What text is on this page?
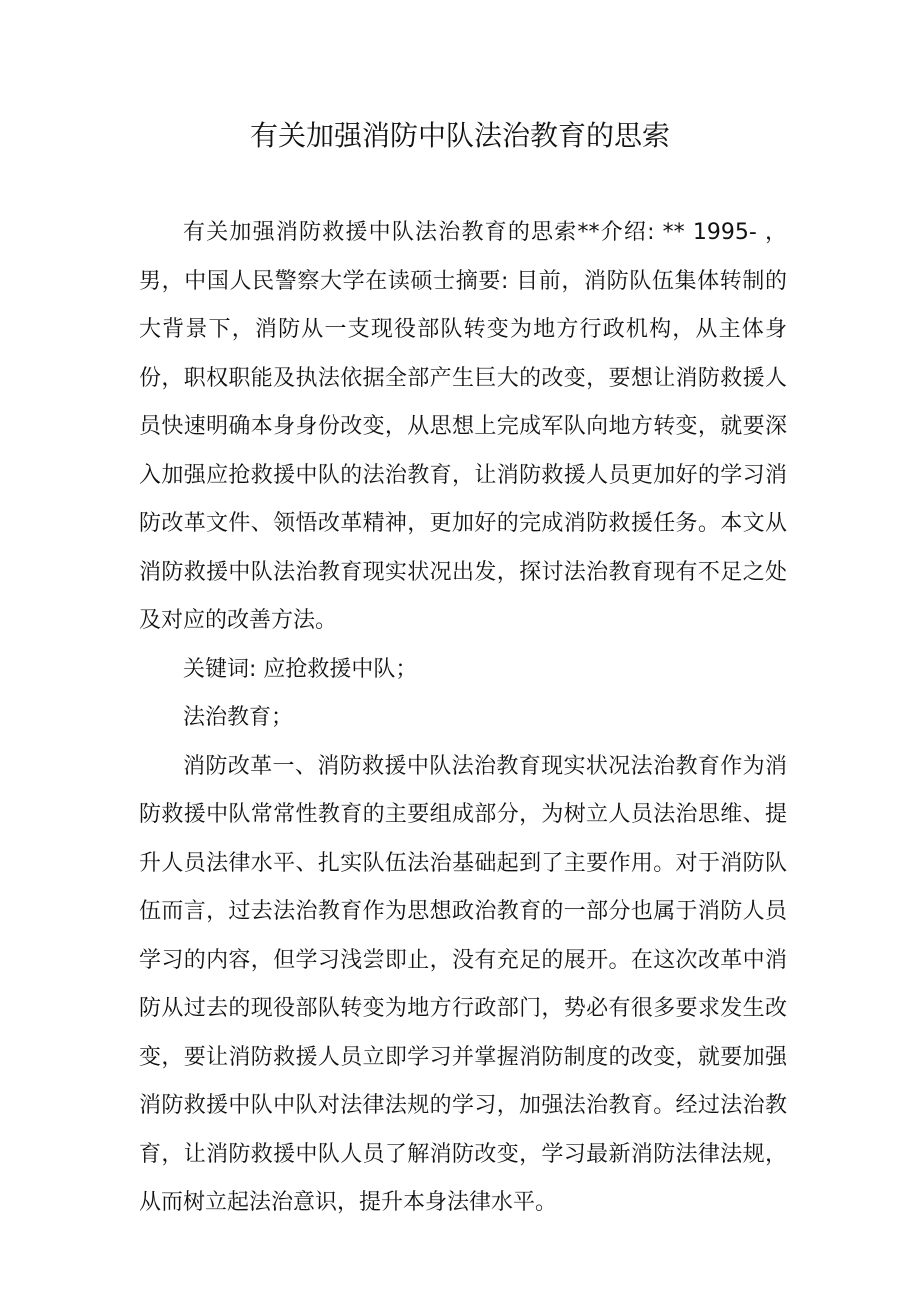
有关加强消防中队法治教育的思索

有关加强消防救援中队法治教育的思索**介绍: ** 1995- ，男，中国人民警察大学在读硕士摘要: 目前，消防队伍集体转制的大背景下，消防从一支现役部队转变为地方行政机构，从主体身份，职权职能及执法依据全部产生巨大的改变，要想让消防救援人员快速明确本身身份改变，从思想上完成军队向地方转变，就要深入加强应抢救援中队的法治教育，让消防救援人员更加好的学习消防改革文件、领悟改革精神，更加好的完成消防救援任务。本文从消防救援中队法治教育现实状况出发，探讨法治教育现有不足之处及对应的改善方法。

关键词: 应抢救援中队；

法治教育；

消防改革一、消防救援中队法治教育现实状况法治教育作为消防救援中队常常性教育的主要组成部分，为树立人员法治思维、提升人员法律水平、扎实队伍法治基础起到了主要作用。对于消防队伍而言，过去法治教育作为思想政治教育的一部分也属于消防人员学习的内容，但学习浅尝即止，没有充足的展开。在这次改革中消防从过去的现役部队转变为地方行政部门，势必有很多要求发生改变，要让消防救援人员立即学习并掌握消防制度的改变，就要加强消防救援中队中队对法律法规的学习，加强法治教育。经过法治教育，让消防救援中队人员了解消防改变，学习最新消防法律法规，从而树立起法治意识，提升本身法律水平。
